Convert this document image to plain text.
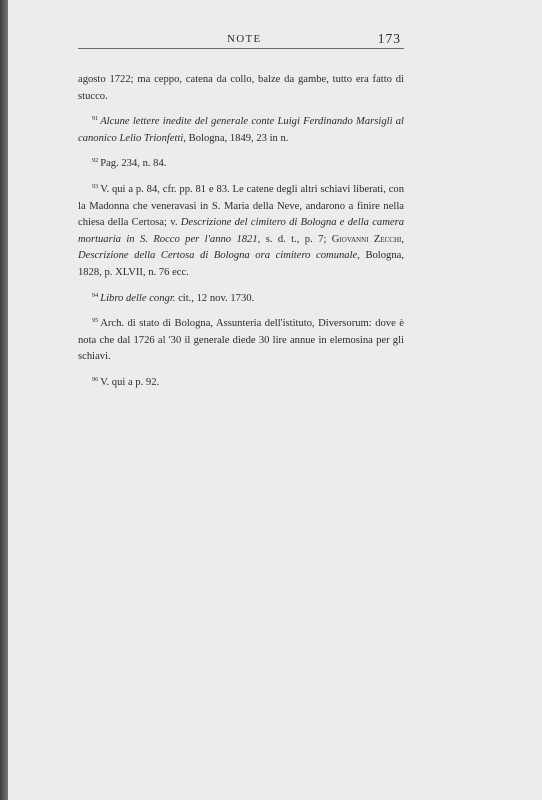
NOTE	173

agosto 1722; ma ceppo, catena da collo, balze da gambe, tutto era fatto di stucco.

$^{91}$ Alcune lettere inedite del generale conte Luigi Ferdinando Marsigli al canonico Lelio Trionfetti, Bologna, 1849, 23 in n.

$^{92}$ Pag. 234, n. 84.

$^{93}$ V. qui a p. 84, cfr. pp. 81 e 83. Le catene degli altri schiavi liberati, con la Madonna che veneravasi in S. Maria della Neve, andarono a finire nella chiesa della Certosa; v. Descrizione del cimitero di Bologna e della camera mortuaria in S. Rocco per l'anno 1821, s. d. t., p. 7; Giovanni Zecchi, Descrizione della Certosa di Bologna ora cimitero comunale, Bologna, 1828, p. XLVII, n. 76 ecc.

$^{94}$ Libro delle congr. cit., 12 nov. 1730.

$^{95}$ Arch. di stato di Bologna, Assunteria dell'istituto, Diversorum: dove è nota che dal 1726 al '30 il generale diede 30 lire annue in elemosina per gli schiavi.

$^{96}$ V. qui a p. 92.
